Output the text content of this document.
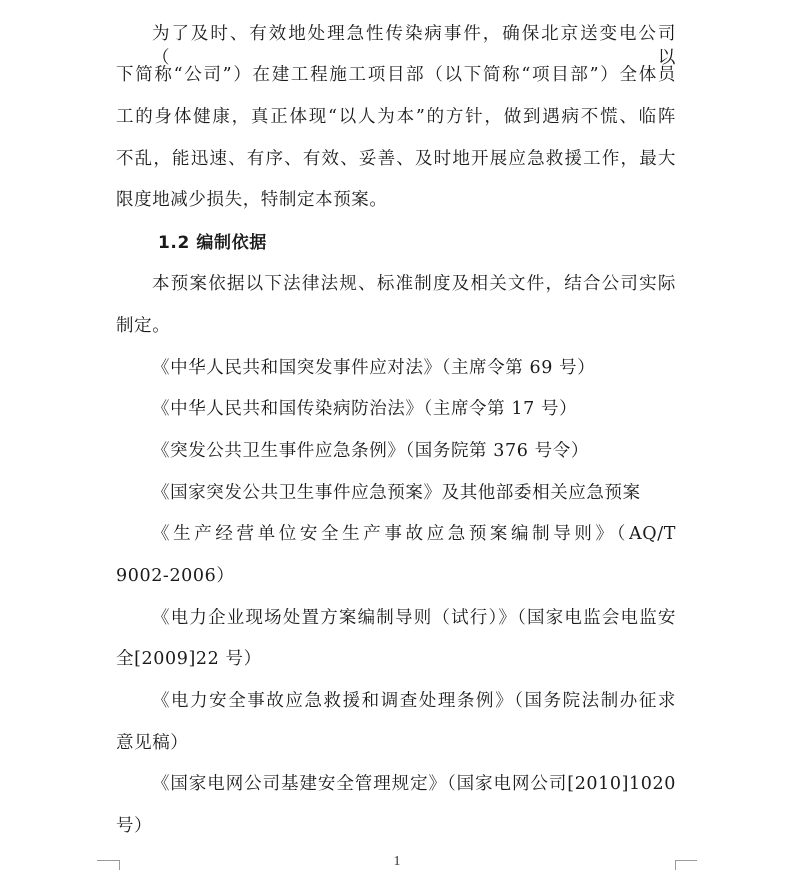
为了及时、有效地处理急性传染病事件，确保北京送变电公司（以
下简称“公司”）在建工程施工项目部（以下简称“项目部”）全体员
工的身体健康，真正体现“以人为本”的方针，做到遇病不慌、临阵
不乱，能迅速、有序、有效、妥善、及时地开展应急救援工作，最大
限度地减少损失，特制定本预案。
1.2 编制依据
本预案依据以下法律法规、标准制度及相关文件，结合公司实际
制定。
《中华人民共和国突发事件应对法》（主席令第 69 号）
《中华人民共和国传染病防治法》（主席令第 17 号）
《突发公共卫生事件应急条例》（国务院第 376 号令）
《国家突发公共卫生事件应急预案》及其他部委相关应急预案
《生产经营单位安全生产事故应急预案编制导则》（AQ/T
9002-2006）
《电力企业现场处置方案编制导则（试行）》（国家电监会电监安
全[2009]22 号）
《电力安全事故应急救援和调查处理条例》（国务院法制办征求
意见稿）
《国家电网公司基建安全管理规定》（国家电网公司[2010]1020
号）
1
